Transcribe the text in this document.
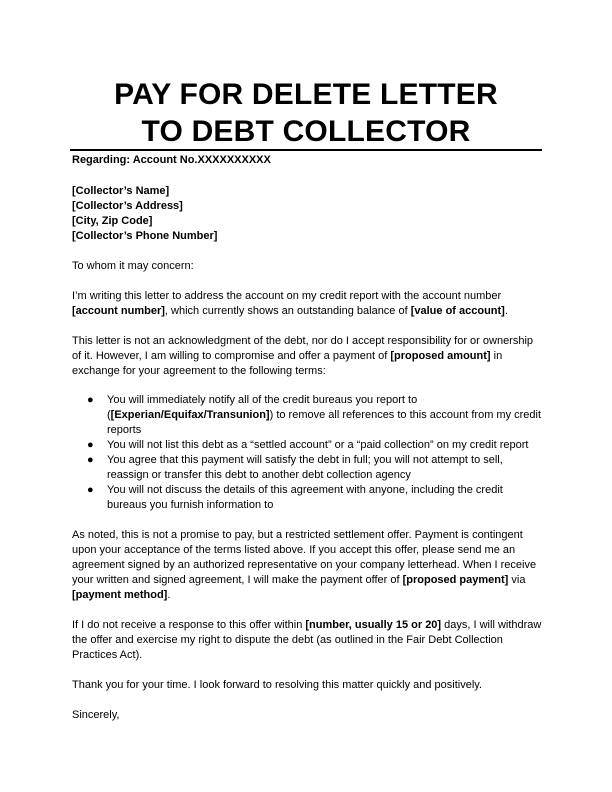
PAY FOR DELETE LETTER
TO DEBT COLLECTOR

Regarding: Account No.XXXXXXXXXX

[Collector’s Name]
[Collector’s Address]
[City, Zip Code]
[Collector’s Phone Number]

To whom it may concern:

I’m writing this letter to address the account on my credit report with the account number [account number], which currently shows an outstanding balance of [value of account].

This letter is not an acknowledgment of the debt, nor do I accept responsibility for or ownership of it. However, I am willing to compromise and offer a payment of [proposed amount] in exchange for your agreement to the following terms:

● You will immediately notify all of the credit bureaus you report to ([Experian/Equifax/Transunion]) to remove all references to this account from my credit reports
● You will not list this debt as a “settled account” or a “paid collection” on my credit report
● You agree that this payment will satisfy the debt in full; you will not attempt to sell, reassign or transfer this debt to another debt collection agency
● You will not discuss the details of this agreement with anyone, including the credit bureaus you furnish information to

As noted, this is not a promise to pay, but a restricted settlement offer. Payment is contingent upon your acceptance of the terms listed above. If you accept this offer, please send me an agreement signed by an authorized representative on your company letterhead. When I receive your written and signed agreement, I will make the payment offer of [proposed payment] via [payment method].

If I do not receive a response to this offer within [number, usually 15 or 20] days, I will withdraw the offer and exercise my right to dispute the debt (as outlined in the Fair Debt Collection Practices Act).

Thank you for your time. I look forward to resolving this matter quickly and positively.

Sincerely,
